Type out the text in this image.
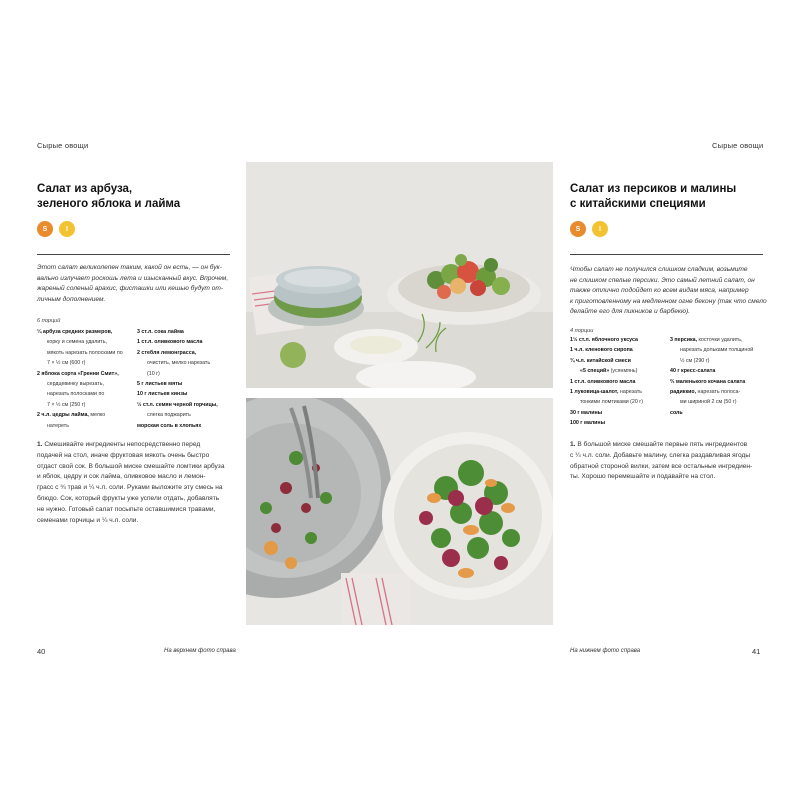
Сырые овощи
Салат из арбуза,
зеленого яблока и лайма
S	I
Этот салат великолепен таким, какой он есть, — он бук-
вально излучает роскошь лета и изысканный вкус. Впрочем,
жареный соленый арахис, фисташки или кешью будут от-
личным дополнением.
6 порций
¼ арбуза средних размеров,
корку и семена удалить,
мякоть нарезать полосками по
7 × ½ см (600 г)
2 яблока сорта «Гренни Смит»,
сердцевинку вырезать,
нарезать полосками по
7 × ½ см (250 г)
2 ч.л. цедры лайма, мелко
натереть
3 ст.л. сока лайма
1 ст.л. оливкового масла
2 стебля лемонграсса,
очистить, мелко нарезать
(10 г)
5 г листьев мяты
10 г листьев кинзы
½ ст.л. семян черной горчицы,
слегка поджарить
морская соль в хлопьях
1. Смешивайте ингредиенты непосредственно перед
подачей на стол, иначе фруктовая мякоть очень быстро
отдаст свой сок. В большой миске смешайте ломтики арбуза
и яблок, цедру и сок лайма, оливковое масло и лемон-
грасс с ¾ трав и ¼ ч.л. соли. Руками выложите эту смесь на
блюдо. Сок, который фрукты уже успели отдать, добавлять
не нужно. Готовый салат посыпьте оставшимися травами,
семенами горчицы и ¼ ч.л. соли.
40	На верхнем фото справа
Сырые овощи
Салат из персиков и малины
с китайскими специями
S	I
Чтобы салат не получился слишком сладким, возьмите
не слишком спелые персики. Это самый летний салат, он
также отлично подойдет ко всем видам мяса, например
к приготовленному на медленном огне бекону (так что смело
делайте его для пикников и барбекю).
4 порции
1½ ст.л. яблочного уксуса
1 ч.л. кленового сиропа
¾ ч.л. китайской смеси
«5 специй» (усянмянь)
1 ст.л. оливкового масла
1 луковица-шалот, нарезать
тонкими ломтиками (20 г)
30 г малины
100 г малины
3 персика, косточки удалить,
нарезать дольками толщиной
½ см (290 г)
40 г кресс-салата
⅔ маленького кочана салата
радиккио, нарезать полоса-
ми шириной 2 см (50 г)
соль
1. В большой миске смешайте первые пять ингредиентов
с ¼ ч.л. соли. Добавьте малину, слегка раздавливая ягоды
обратной стороной вилки, затем все остальные ингредиен-
ты. Хорошо перемешайте и подавайте на стол.
На нижнем фото справа	41
